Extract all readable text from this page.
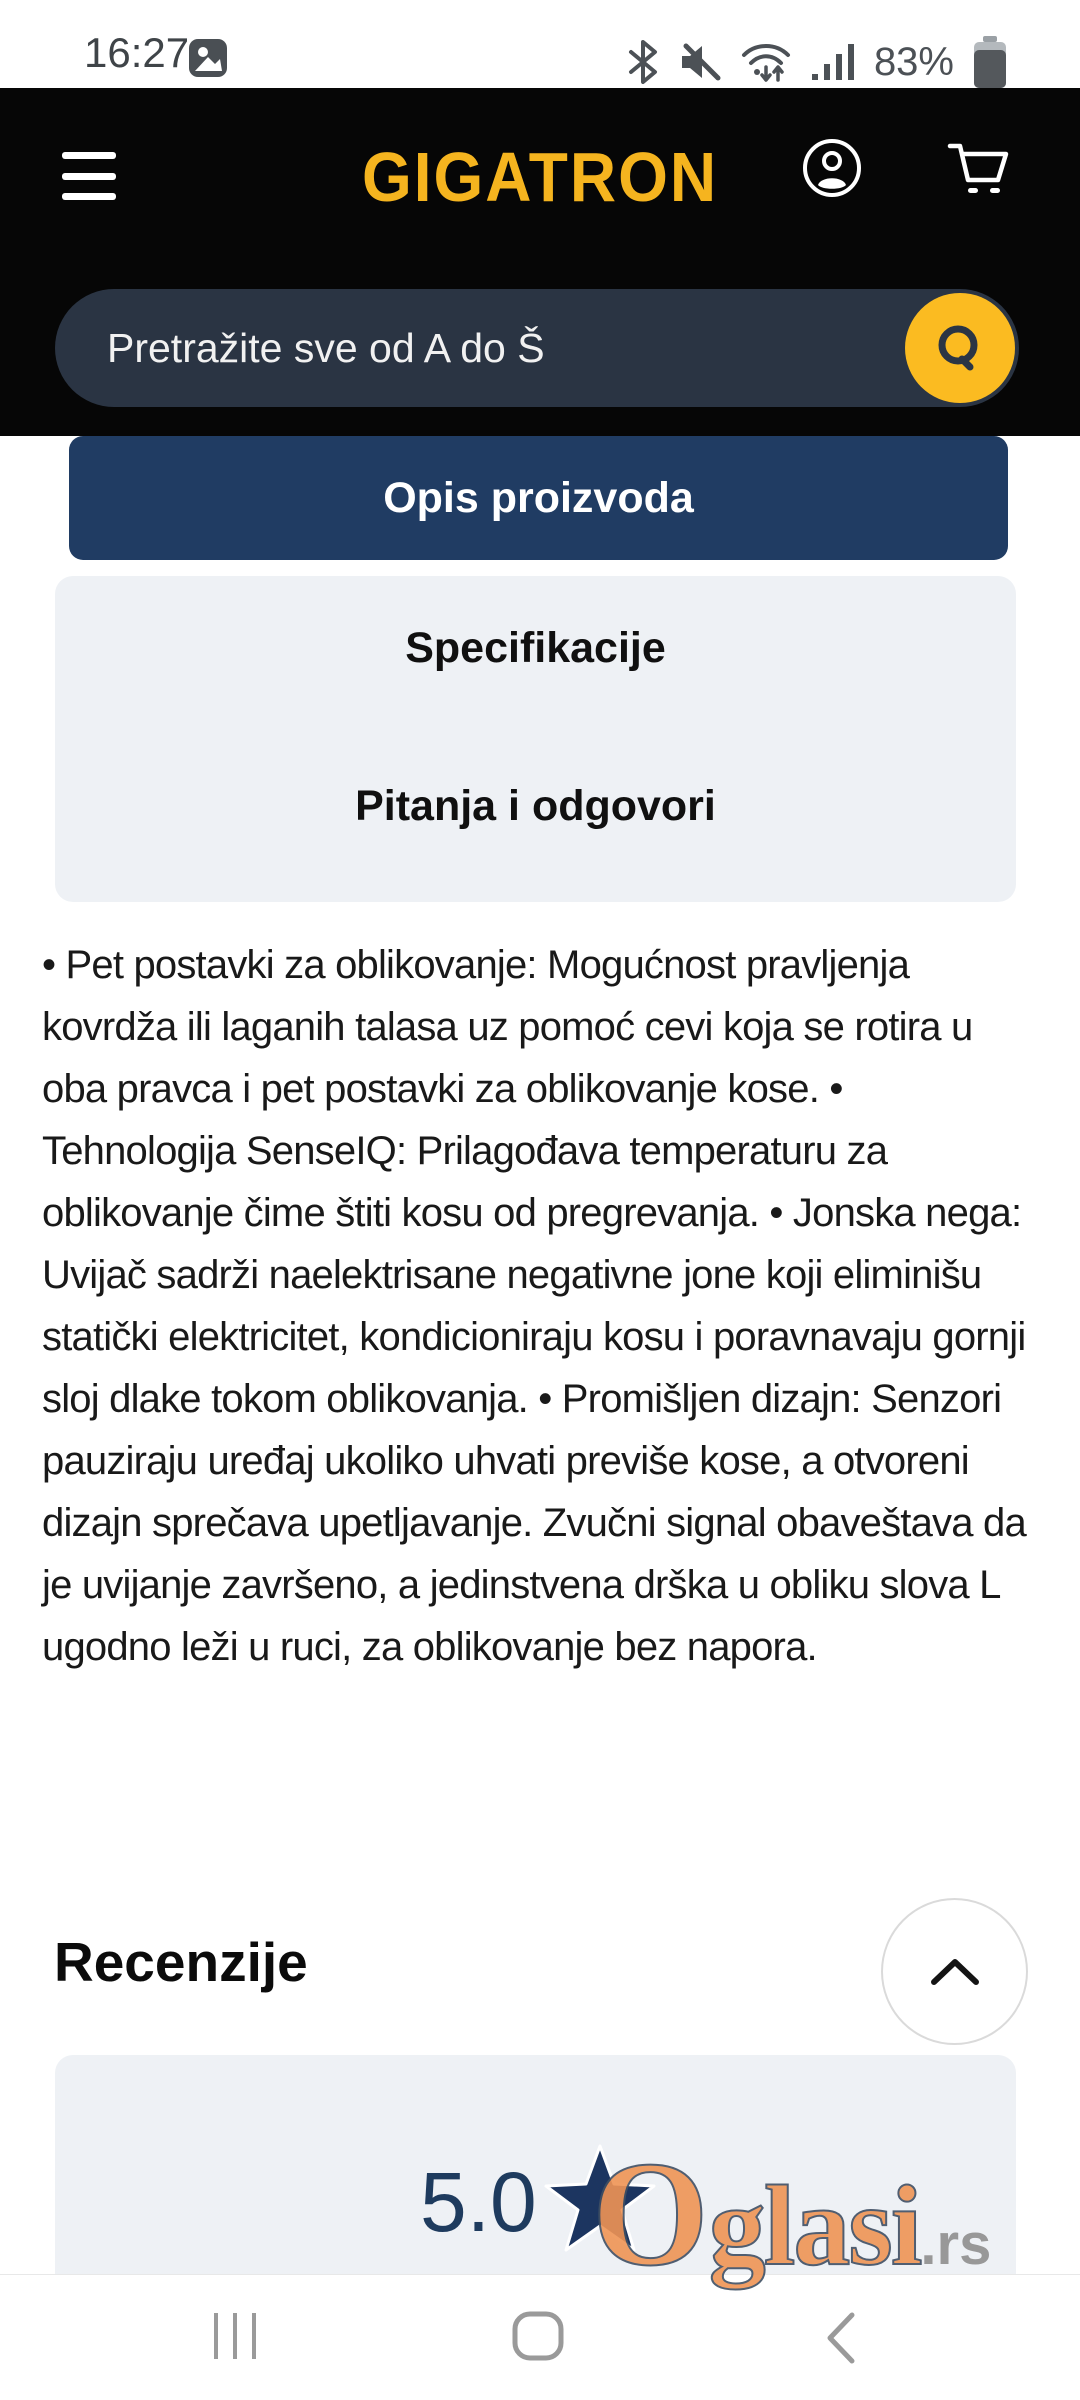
16:27	83%
GIGATRON
Pretražite sve od A do Š
Opis proizvoda
Specifikacije
Pitanja i odgovori

• Pet postavki za oblikovanje: Mogućnost pravljenja kovrdža ili laganih talasa uz pomoć cevi koja se rotira u oba pravca i pet postavki za oblikovanje kose. • Tehnologija SenseIQ: Prilagođava temperaturu za oblikovanje čime štiti kosu od pregrevanja. • Jonska nega: Uvijač sadrži naelektrisane negativne jone koji eliminišu statički elektricitet, kondicioniraju kosu i poravnavaju gornji sloj dlake tokom oblikovanja. • Promišljen dizajn: Senzori pauziraju uređaj ukoliko uhvati previše kose, a otvoreni dizajn sprečava upetljavanje. Zvučni signal obaveštava da je uvijanje završeno, a jedinstvena drška u obliku slova L ugodno leži u ruci, za oblikovanje bez napora.

Recenzije
5.0 Oglasi.rs
